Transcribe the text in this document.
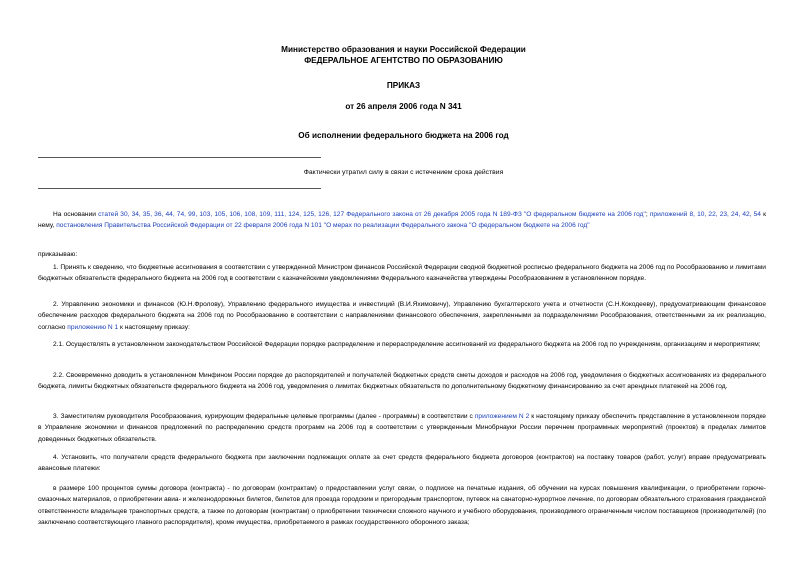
Министерство образования и науки Российской Федерации
ФЕДЕРАЛЬНОЕ АГЕНТСТВО ПО ОБРАЗОВАНИЮ
ПРИКАЗ
от 26 апреля 2006 года N 341
Об исполнении федерального бюджета на 2006 год
Фактически утратил силу в связи с истечением срока действия
На основании статей 30, 34, 35, 36, 44, 74, 99, 103, 105, 106, 108, 109, 111, 124, 125, 126, 127 Федерального закона от 26 декабря 2005 года N 189-ФЗ "О федеральном бюджете на 2006 год"; приложений 8, 10, 22, 23, 24, 42, 54 к нему, постановления Правительства Российской Федерации от 22 февраля 2006 года N 101 "О мерах по реализации Федерального закона "О федеральном бюджете на 2006 год"
приказываю:
1. Принять к сведению, что бюджетные ассигнования в соответствии с утвержденной Министром финансов Российской Федерации сводной бюджетной росписью федерального бюджета на 2006 год по Рособразованию и лимитами бюджетных обязательств федерального бюджета на 2006 год в соответствии с казначейскими уведомлениями Федерального казначейства утверждены Рособразованием в установленном порядке.
2. Управлению экономики и финансов (Ю.Н.Фролову), Управлению федерального имущества и инвестиций (В.И.Яхимовичу), Управлению бухгалтерского учета и отчетности (С.Н.Кокодееву), предусматривающим финансовое обеспечение расходов федерального бюджета на 2006 год по Рособразованию в соответствии с направлениями финансового обеспечения, закрепленными за подразделениями Рособразования, ответственными за их реализацию, согласно приложению N 1 к настоящему приказу:
2.1. Осуществлять в установленном законодательством Российской Федерации порядке распределение и перераспределение ассигнований из федерального бюджета на 2006 год по учреждениям, организациям и мероприятиям;
2.2. Своевременно доводить в установленном Минфином России порядке до распорядителей и получателей бюджетных средств сметы доходов и расходов на 2006 год, уведомления о бюджетных ассигнованиях из федерального бюджета, лимиты бюджетных обязательств федерального бюджета на 2006 год, уведомления о лимитах бюджетных обязательств по дополнительному бюджетному финансированию за счет арендных платежей на 2006 год.
3. Заместителям руководителя Рособразования, курирующим федеральные целевые программы (далее - программы) в соответствии с приложением N 2 к настоящему приказу обеспечить представление в установленном порядке в Управление экономики и финансов предложений по распределению средств программ на 2006 год в соответствии с утвержденным Минобрнауки России перечнем программных мероприятий (проектов) в пределах лимитов доведенных бюджетных обязательств.
4. Установить, что получатели средств федерального бюджета при заключении подлежащих оплате за счет средств федерального бюджета договоров (контрактов) на поставку товаров (работ, услуг) вправе предусматривать авансовые платежи:
в размере 100 процентов суммы договора (контракта) - по договорам (контрактам) о предоставлении услуг связи, о подписке на печатные издания, об обучении на курсах повышения квалификации, о приобретении горюче-смазочных материалов, о приобретении авиа- и железнодорожных билетов, билетов для проезда городским и пригородным транспортом, путевок на санаторно-курортное лечение, по договорам обязательного страхования гражданской ответственности владельцев транспортных средств, а также по договорам (контрактам) о приобретении технически сложного научного и учебного оборудования, производимого ограниченным числом поставщиков (производителей) (по заключению соответствующего главного распорядителя), кроме имущества, приобретаемого в рамках государственного оборонного заказа;
